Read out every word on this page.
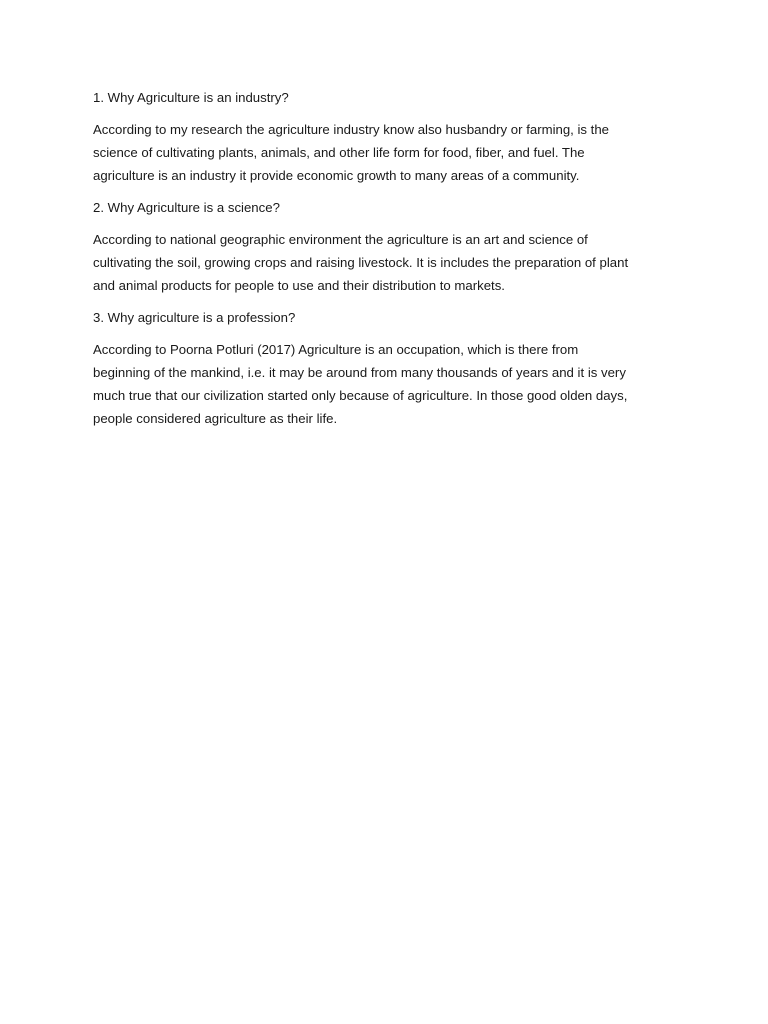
1. Why Agriculture is an industry?
According to my research the agriculture industry know also husbandry or farming, is the
science of cultivating plants, animals, and other life form for food, fiber, and fuel. The
agriculture is an industry it provide economic growth to many areas of a community.
2. Why Agriculture is a science?
According to national geographic environment the agriculture is an art and science of
cultivating the soil, growing crops and raising livestock. It is includes the preparation of plant
and animal products for people to use and their distribution to markets.
3. Why agriculture is a profession?
According to Poorna Potluri (2017) Agriculture is an occupation, which is there from
beginning of the mankind, i.e. it may be around from many thousands of years and it is very
much true that our civilization started only because of agriculture. In those good olden days,
people considered agriculture as their life.
